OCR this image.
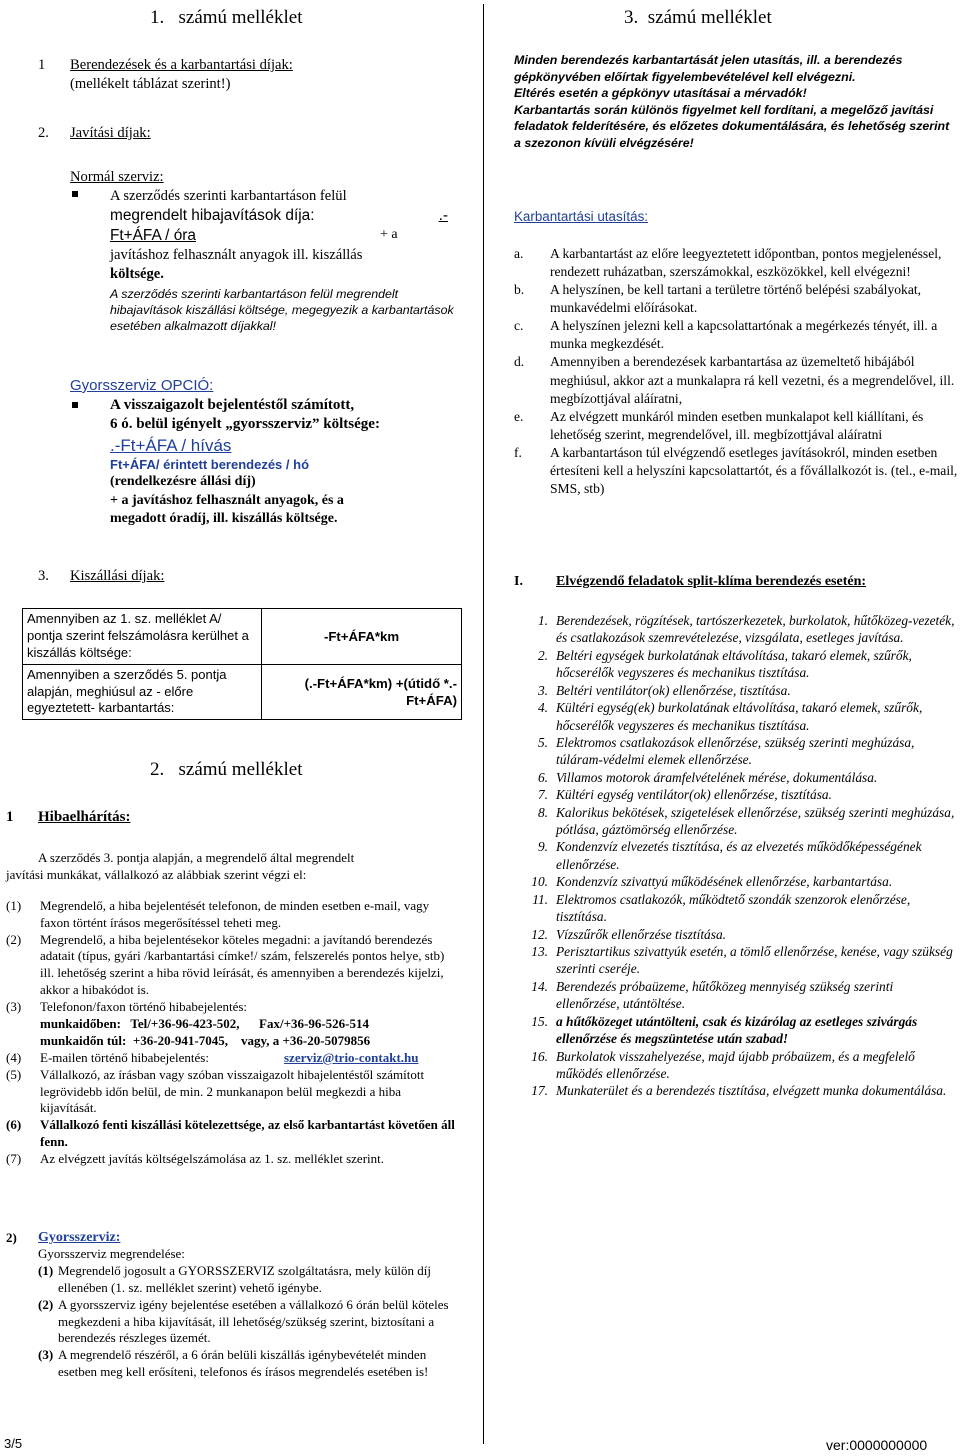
1.   számú melléklet
1 Berendezések és a karbantartási díjak:
(mellékelt táblázat szerint!)
2. Javítási díjak:
Normál szerviz:
A szerződés szerinti karbantartáson felül
megrendelt hibajavítások díja:	.-
Ft+ÁFA / óra	+ a
javításhoz felhasznált anyagok ill. kiszállás
költsége.
A szerződés szerinti karbantartáson felül megrendelt hibajavítások kiszállási költsége, megegyezik a karbantartások esetében alkalmazott díjakkal!
Gyorsszerviz OPCIÓ:
A visszaigazolt bejelentéstől számított,
6 ó. belül igényelt „gyorsszerviz” költsége:
.-Ft+ÁFA / hívás
Ft+ÁFA/ érintett berendezés / hó
(rendelkezésre állási díj)
+ a javításhoz felhasznált anyagok, és a
megadott óradíj, ill. kiszállás költsége.
3. Kiszállási díjak:
Amennyiben az 1. sz. melléklet A/ pontja szerint felszámolásra kerülhet a kiszállás költsége:	-Ft+ÁFA*km
Amennyiben a szerződés 5. pontja alapján, meghiúsul az - előre egyeztetett- karbantartás:	(.-Ft+ÁFA*km) +(útidő *.-Ft+ÁFA)
2.   számú melléklet
1 Hibaelhárítás:
A szerződés 3. pontja alapján, a megrendelő által megrendelt
javítási munkákat, vállalkozó az alábbiak szerint végzi el:
(1) Megrendelő, a hiba bejelentését telefonon, de minden esetben e-mail, vagy faxon történt írásos megerősítéssel teheti meg.
(2) Megrendelő, a hiba bejelentésekor köteles megadni: a javítandó berendezés adatait (típus, gyári /karbantartási címke!/ szám, felszerelés pontos helye, stb) ill. lehetőség szerint a hiba rövid leírását, és amennyiben a berendezés kijelzi, akkor a hibakódot is.
(3) Telefonon/faxon történő hibabejelentés:
munkaidőben:   Tel/+36-96-423-502,      Fax/+36-96-526-514
munkaidőn túl:  +36-20-941-7045,    vagy, a +36-20-5079856
(4) E-mailen történő hibabejelentés:	szerviz@trio-contakt.hu
(5) Vállalkozó, az írásban vagy szóban visszaigazolt hibajelentéstől számított legrövidebb időn belül, de min. 2 munkanapon belül megkezdi a hiba kijavítását.
(6) Vállalkozó fenti kiszállási kötelezettsége, az első karbantartást követően áll fenn.
(7) Az elvégzett javítás költségelszámolása az 1. sz. melléklet szerint.
2) Gyorsszerviz:
Gyorsszerviz megrendelése:
(1) Megrendelő jogosult a GYORSSZERVIZ szolgáltatásra, mely külön díj ellenében (1. sz. melléklet szerint) vehető igénybe.
(2) A gyorsszerviz igény bejelentése esetében a vállalkozó 6 órán belül köteles megkezdeni a hiba kijavítását, ill lehetőség/szükség szerint, biztosítani a berendezés részleges üzemét.
(3) A megrendelő részéről, a 6 órán belüli kiszállás igénybevételét minden esetben meg kell erősíteni, telefonos és írásos megrendelés esetében is!
3/5
3.  számú melléklet
Minden berendezés karbantartását jelen utasítás, ill. a berendezés gépkönyvében előírtak figyelembevételével kell elvégezni.
Eltérés esetén a gépkönyv utasításai a mérvadók!
Karbantartás során különös figyelmet kell fordítani, a megelőző javítási feladatok felderítésére, és előzetes dokumentálására, és lehetőség szerint a szezonon kívüli elvégzésére!
Karbantartási utasítás:
a. A karbantartást az előre leegyeztetett időpontban, pontos megjelenéssel, rendezett ruházatban, szerszámokkal, eszközökkel, kell elvégezni!
b. A helyszínen, be kell tartani a területre történő belépési szabályokat, munkavédelmi előírásokat.
c. A helyszínen jelezni kell a kapcsolattartónak a megérkezés tényét, ill. a munka megkezdését.
d. Amennyiben a berendezések karbantartása az üzemeltető hibájából meghiúsul, akkor azt a munkalapra rá kell vezetni, és a megrendelővel, ill. megbízottjával aláíratni,
e. Az elvégzett munkáról minden esetben munkalapot kell kiállítani, és lehetőség szerint, megrendelővel, ill. megbízottjával aláíratni
f. A karbantartáson túl elvégzendő esetleges javításokról, minden esetben értesíteni kell a helyszíni kapcsolattartót, és a fővállalkozót is. (tel., e-mail, SMS, stb)
I. Elvégzendő feladatok split-klíma berendezés esetén:
1. Berendezések, rögzítések, tartószerkezetek, burkolatok, hűtőközeg-vezeték, és csatlakozások szemrevételezése, vizsgálata, esetleges javítása.
2. Beltéri egységek burkolatának eltávolítása, takaró elemek, szűrők, hőcserélők vegyszeres és mechanikus tisztítása.
3. Beltéri ventilátor(ok) ellenőrzése, tisztítása.
4. Kültéri egység(ek) burkolatának eltávolítása, takaró elemek, szűrők, hőcserélők vegyszeres és mechanikus tisztítása.
5. Elektromos csatlakozások ellenőrzése, szükség szerinti meghúzása, túláram-védelmi elemek ellenőrzése.
6. Villamos motorok áramfelvételének mérése, dokumentálása.
7. Kültéri egység ventilátor(ok) ellenőrzése, tisztítása.
8. Kalorikus bekötések, szigetelések ellenőrzése, szükség szerinti meghúzása, pótlása, gáztömörség ellenőrzése.
9. Kondenzvíz elvezetés tisztítása, és az elvezetés működőképességének ellenőrzése.
10. Kondenzvíz szivattyú működésének ellenőrzése, karbantartása.
11. Elektromos csatlakozók, működtető szondák szenzorok elenőrzése, tisztítása.
12. Vízszűrők ellenőrzése tisztítása.
13. Perisztartikus szivattyúk esetén, a tömlő ellenőrzése, kenése, vagy szükség szerinti cseréje.
14. Berendezés próbaüzeme, hűtőközeg mennyiség szükség szerinti ellenőrzése, utántöltése.
15. a hűtőközeget utántölteni, csak és kizárólag az esetleges szivárgás ellenőrzése és megszüntetése után szabad!
16. Burkolatok visszahelyezése, majd újabb próbaüzem, és a megfelelő működés ellenőrzése.
17. Munkaterület és a berendezés tisztítása, elvégzett munka dokumentálása.
ver:0000000000
